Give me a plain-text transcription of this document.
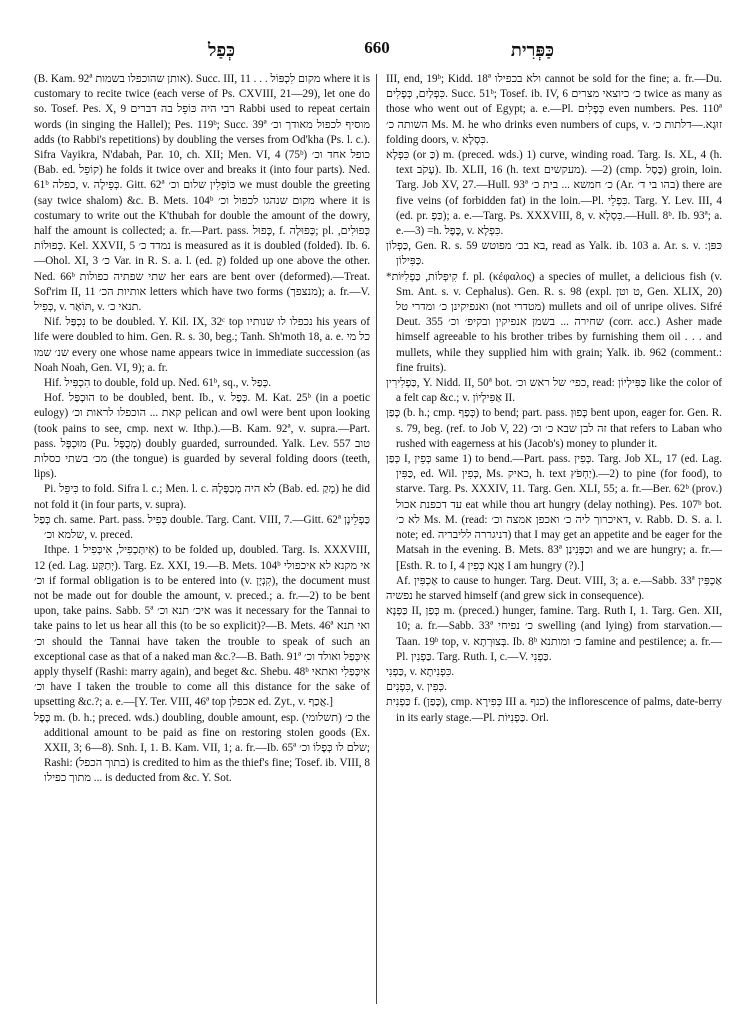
כְּפַל	660	כַּפְּרִית

(B. Kam. 92ª אותן שהוכפלו בשמות). Succ. III, 11 . . . מקום לִכְפּוֹל where it is customary to recite twice (each verse of Ps. CXVIII, 21—29), let one do so. Tosef. Pes. X, 9 רבי היה כּוֹפֵל בה דברים Rabbi used to repeat certain words (in singing the Hallel); Pes. 119ᵇ; Succ. 39ª מוסיף לכפול מאודך וכ׳ adds (to Rabbi's repetitions) by doubling the verses from Od'kha (Ps. l. c.). Sifra Vayikra, N'dabah, Par. 10, ch. XII; Men. VI, 4 (75ᵇ) כופל אחד וכ׳ (Bab. ed. קוֹפֵל) he folds it twice over and breaks it (into four parts). Ned. 61ᵇ כפלה, v. כְּפֵילָה. Gitt. 62ª כּוֹפְלִין שלום וכ׳ we must double the greeting (say twice shalom) &c. B. Mets. 104ᵇ מקום שנהגו לכפול וכ׳ where it is costumary to write out the K'thubah for double the amount of the dowry, half the amount is collected; a. fr.—Part. pass. כָּפוּל, f. כְּפוּלָה; pl. כְּפוּלִים, כְּפוּלוֹת. Kel. XXVII, 5 נמדד כ׳ is measured as it is doubled (folded). Ib. 6.—Ohol. XI, 3 כ׳ Var. in R. S. a. l. (ed. קָ) folded up one above the other. Ned. 66ᵇ שתי שפתיה כפולות her ears are bent over (deformed).—Treat. Sof'rim II, 11 אותיות הכ׳ letters which have two forms (מנצפך); a. fr.—V. כְּפִיל, v. תּוֹאַר, v. תנאי כ׳.

Nif. נִכְפַּל to be doubled. Y. Kil. IX, 32ᶜ top נכפלו לו שנותיו his years of life were doubled to him. Gen. R. s. 30, beg.; Tanh. Sh'moth 18, a. e. כל מי שנ׳ שמו every one whose name appears twice in immediate succession (as Noah Noah, Gen. VI, 9); a. fr.

Hif. הִכְפִּיל to double, fold up. Ned. 61ᵇ, sq., v. כְּפַל.

Hof. הוּכְפַּל to be doubled, bent. Ib., v. כְּפַל. M. Kat. 25ᵇ (in a poetic eulogy) קאת ... הוכפלו לראות וכ׳ pelican and owl were bent upon looking (took pains to see, cmp. next w. Ithp.).—B. Kam. 92ª, v. supra.—Part. pass. מוּכְפָּל (Pu. מְכֻפָּל) doubly guarded, surrounded. Yalk. Lev. 557 טוב מכ׳ בשתי כסלות (the tongue) is guarded by several folding doors (teeth, lips).

Pi. כִּיפֵּל to fold. Sifra l. c.; Men. l. c. לא היה מְכַפְּלָהּ (Bab. ed. מְקַ) he did not fold it (in four parts, v. supra).

כְּפַל ch. same. Part. pass. כְּפִיל double. Targ. Cant. VIII, 7.—Gitt. 62ª כַּפְלֵינָן שלמא וכ׳, v. preced.

Ithpe. אִיתְּכְפִיל, אִיכְּפִיל 1) to be folded up, doubled. Targ. Is. XXXVIII, 12 (ed. Lag. יְתַקַּע). Targ. Ez. XXI, 19.—B. Mets. 104ᵇ אי מקנא לא איכפולי וכ׳ if formal obligation is to be entered into (v. קִנְיָן), the document must not be made out for double the amount, v. preced.; a. fr.—2) to be bent upon, take pains. Sabb. 5ª איכ׳ תנא וכ׳ was it necessary for the Tannai to take pains to let us hear all this (to be so explicit)?—B. Mets. 46ª ואי תנא וכ׳ should the Tannai have taken the trouble to speak of such an exceptional case as that of a naked man &c.?—B. Bath. 91ª אִיכְּפַל ואולד וכ׳ apply thyself (Rashi: marry again), and beget &c. Shebu. 48ᵇ אִיכְּפַלִי ואתאי וכ׳ have I taken the trouble to come all this distance for the sake of upsetting &c.?; a. e.—[Y. Ter. VIII, 46ª top אכפלן ed. Zyt., v. אֲכַף.]

כֶּפֶל m. (b. h.; preced. wds.) doubling, double amount, esp. כ׳ (תשלומי) the additional amount to be paid as fine on restoring stolen goods (Ex. XXII, 3; 6—8). Snh. I, 1. B. Kam. VII, 1; a. fr.—Ib. 65ª שלם לו כְּפֶלוֹ וכ׳; Rashi: (בתוך הכפל) is credited to him as the thief's fine; Tosef. ib. VIII, 8 מתוך כפילו ... is deducted from &c. Y. Sot.

III, end, 19ᵇ; Kidd. 18ª ולא בכפילו cannot be sold for the fine; a. fr.—Du. כִּפְלַיִם, כְּפָלִים. Succ. 51ᵇ; Tosef. ib. IV, 6 כ׳ כיוצאי מצרים twice as many as those who went out of Egypt; a. e.—Pl. כְּפָלִים even numbers. Pes. 110ª השותה כ׳ Ms. M. he who drinks even numbers of cups, v. זוּגָא.—דלתות כ׳ folding doors, v. כִּסְלָא.

כִּפְלָא (or כַּ) m. (preced. wds.) 1) curve, winding road. Targ. Is. XL, 4 (h. text עָקֹב). Ib. XLII, 16 (h. text מעקשים). —2) (cmp. כֶּסֶל) groin, loin. Targ. Job XV, 27.—Hull. 93ª כ׳ חמשא ... בית כ׳ (Ar. בהו בי ד׳) there are five veins (of forbidden fat) in the loin.—Pl. כִּפְלֵי. Targ. Y. Lev. III, 4 (ed. pr. כַּפְ); a. e.—Targ. Ps. XXXVIII, 8, v. כִּסְלָא.—Hull. 8ᵇ. Ib. 93ª; a. e.—3) =h. כֶּפֶל, v. כִּפְלָא.

כַּפְלוֹן, Gen. R. s. 59 בא בכ׳ מפוטש, read as Yalk. ib. 103 a. Ar. s. v. כּפּן: כַּפִּילוֹן.

*קִיפְלוֹת, כַּפְלִיּוֹת f. pl. (κέφαλος) a species of mullet, a delicious fish (v. Sm. Ant. s. v. Cephalus). Gen. R. s. 98 (expl. ט וטן, Gen. XLIX, 20) ואנפיקינן כ׳ ומדרי טל (not מטדרי) mullets and oil of unripe olives. Sifré Deut. 355 שחירה ... בשמן אנפיקין ובקיפ׳ וכ׳ (corr. acc.) Asher made himself agreeable to his brother tribes by furnishing them oil . . . and mullets, while they supplied him with grain; Yalk. ib. 962 (comment.: fine fruits).

כַּפְלִירִין, Y. Nidd. II, 50ª bot. כפי׳ של ראש וכ׳, read: כַּפִּילְיוֹן like the color of a felt cap &c.; v. אַפִּילְיוֹן II.

כָּפַן (b. h.; cmp. כְּפַף) to bend; part. pass. כָּפוּן bent upon, eager for. Gen. R. s. 79, beg. (ref. to Job V, 22) זה לבן שבא כ׳ וכ׳ that refers to Laban who rushed with eagerness at his (Jacob's) money to plunder it.

כְּפַן I, כְּפֵין same 1) to bend.—Part. pass. כְּפִין. Targ. Job XL, 17 (ed. Lag. כַּפִּין, ed. Wil. כְּפִין, Ms. כאיק, h. text יַחְפֹּץ).—2) to pine (for food), to starve. Targ. Ps. XXXIV, 11. Targ. Gen. XLI, 55; a. fr.—Ber. 62ᵇ (prov.) עד דכפנת אכול eat while thou art hungry (delay nothing). Pes. 107ᵇ bot. לא כ׳ Ms. M. (read: דאיכרוך ליה כ׳ ואכפן אמצה וכ׳, v. Rabb. D. S. a. l. note; ed. דניגררה לליבריה) that I may get an appetite and be eager for the Matsah in the evening. B. Mets. 83ª וכַפְּנִינַן and we are hungry; a. fr.—[Esth. R. to I, 4 אֲנָא כְּפִין I am hungry (?).]

Af. אַכְפִּין to cause to hunger. Targ. Deut. VIII, 3; a. e.—Sabb. 33ª אַכְפִּין נפשיה he starved himself (and grew sick in consequence).

כַּפְנָא II, כְּפַן m. (preced.) hunger, famine. Targ. Ruth I, 1. Targ. Gen. XII, 10; a. fr.—Sabb. 33ª כ׳ נפיחי swelling (and lying) from starvation.—Taan. 19ᵇ top, v. בְּצוּרְתָא. Ib. 8ᵇ כ׳ ומותנא famine and pestilence; a. fr.—Pl. כַּפְנִין. Targ. Ruth. I, c.—V. כַּפְנִי.

כַּפְנִי, v. כִּפְנִיתָא.

כִּפְנִים, v. כְּפִין.

כַּפְנִית f. (כָּפַן), cmp. כְּפִירָא III a. כנף) the inflorescence of palms, date-berry in its early stage.—Pl. כַּפְנִיּוֹת. Orl.
